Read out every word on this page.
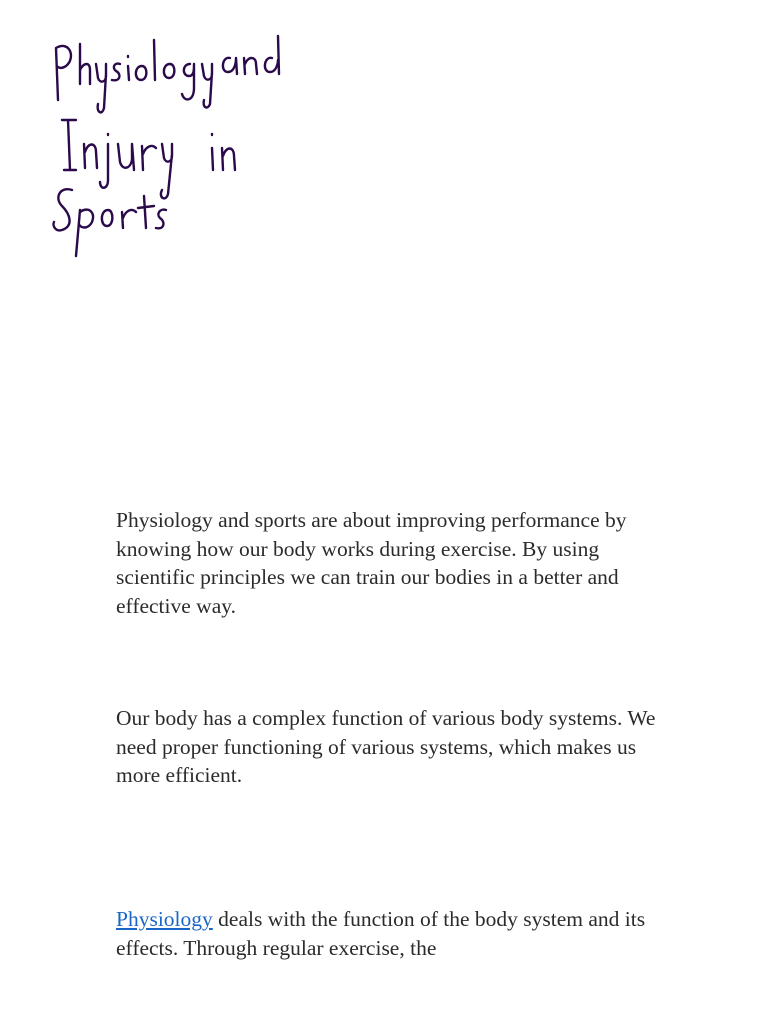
Physiology and sports are about improving performance by knowing how our body works during exercise. By using scientific principles we can train our bodies in a better and effective way.

Our body has a complex function of various body systems. We need proper functioning of various systems, which makes us more efficient.

Physiology deals with the function of the body system and its effects. Through regular exercise, the
